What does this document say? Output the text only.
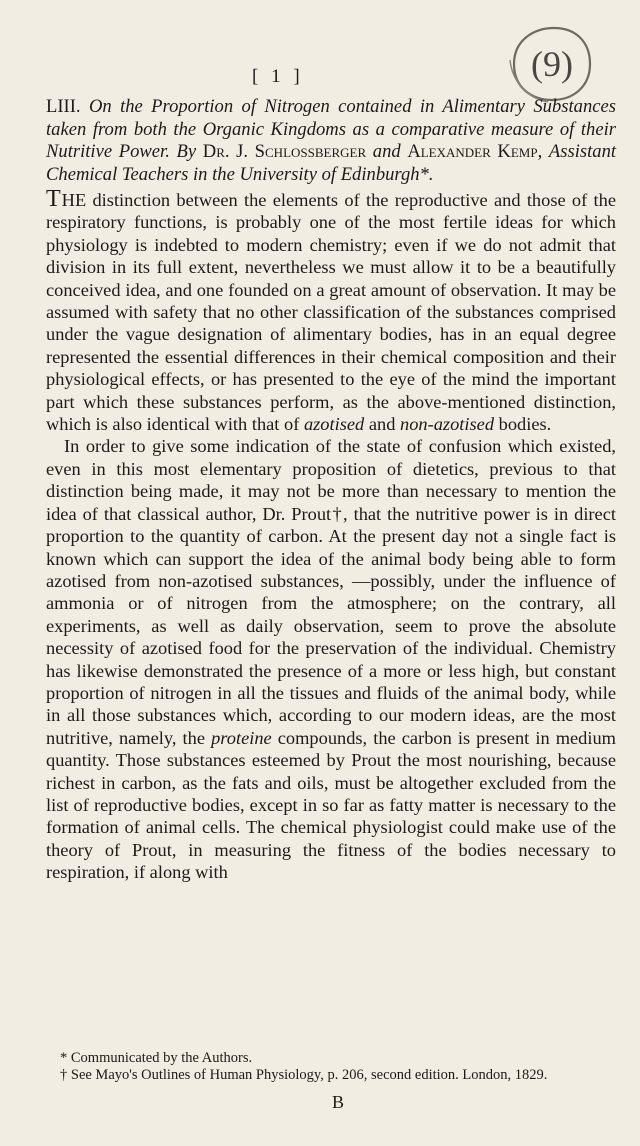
(9)
[ 1 ]

LIII. On the Proportion of Nitrogen contained in Alimentary Substances taken from both the Organic Kingdoms as a comparative measure of their Nutritive Power. By Dr. J. Schlossberger and Alexander Kemp, Assistant Chemical Teachers in the University of Edinburgh*.

THE distinction between the elements of the reproductive and those of the respiratory functions, is probably one of the most fertile ideas for which physiology is indebted to modern chemistry; even if we do not admit that division in its full extent, nevertheless we must allow it to be a beautifully conceived idea, and one founded on a great amount of observation. It may be assumed with safety that no other classification of the substances comprised under the vague designation of alimentary bodies, has in an equal degree represented the essential differences in their chemical composition and their physiological effects, or has presented to the eye of the mind the important part which these substances perform, as the above-mentioned distinction, which is also identical with that of azotised and non-azotised bodies.

In order to give some indication of the state of confusion which existed, even in this most elementary proposition of dietetics, previous to that distinction being made, it may not be more than necessary to mention the idea of that classical author, Dr. Prout†, that the nutritive power is in direct proportion to the quantity of carbon. At the present day not a single fact is known which can support the idea of the animal body being able to form azotised from non-azotised substances, —possibly, under the influence of ammonia or of nitrogen from the atmosphere; on the contrary, all experiments, as well as daily observation, seem to prove the absolute necessity of azotised food for the preservation of the individual. Chemistry has likewise demonstrated the presence of a more or less high, but constant proportion of nitrogen in all the tissues and fluids of the animal body, while in all those substances which, according to our modern ideas, are the most nutritive, namely, the proteine compounds, the carbon is present in medium quantity. Those substances esteemed by Prout the most nourishing, because richest in carbon, as the fats and oils, must be altogether excluded from the list of reproductive bodies, except in so far as fatty matter is necessary to the formation of animal cells. The chemical physiologist could make use of the theory of Prout, in measuring the fitness of the bodies necessary to respiration, if along with

* Communicated by the Authors.

† See Mayo's Outlines of Human Physiology, p. 206, second edition. London, 1829.

B
